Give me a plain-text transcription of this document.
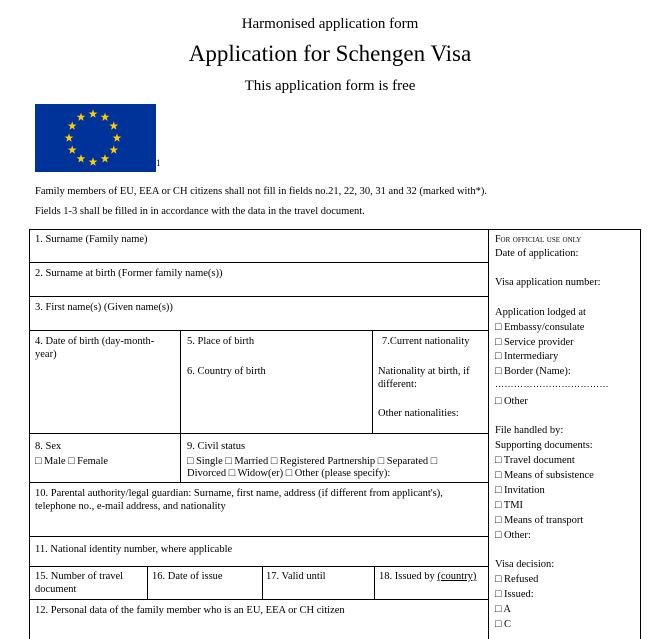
Harmonised application form
Application for Schengen Visa
This application form is free
1
Family members of EU, EEA or CH citizens shall not fill in fields no.21, 22, 30, 31 and 32 (marked with*).
Fields 1-3 shall be filled in in accordance with the data in the travel document.
1. Surname (Family name)
2. Surname at birth (Former family name(s))
3. First name(s) (Given name(s))
4. Date of birth (day-month-year)
5. Place of birth
6. Country of birth
7.Current nationality
Nationality at birth, if different:
Other nationalities:
8. Sex
□ Male □ Female
9. Civil status
□ Single □ Married □ Registered Partnership □ Separated □
Divorced □ Widow(er) □ Other (please specify):
10. Parental authority/legal guardian: Surname, first name, address (if different from applicant's),
telephone no., e-mail address, and nationality
11. National identity number, where applicable
15. Number of travel document
16. Date of issue	17. Valid until	18. Issued by (country)
12. Personal data of the family member who is an EU, EEA or CH citizen
For official use only
Date of application:
Visa application number:
Application lodged at
□ Embassy/consulate
□ Service provider
□ Intermediary
□ Border (Name):
………………………………
□ Other
File handled by:
Supporting documents:
□ Travel document
□ Means of subsistence
□ Invitation
□ TMI
□ Means of transport
□ Other:
Visa decision:
□ Refused
□ Issued:
□ A
□ C
